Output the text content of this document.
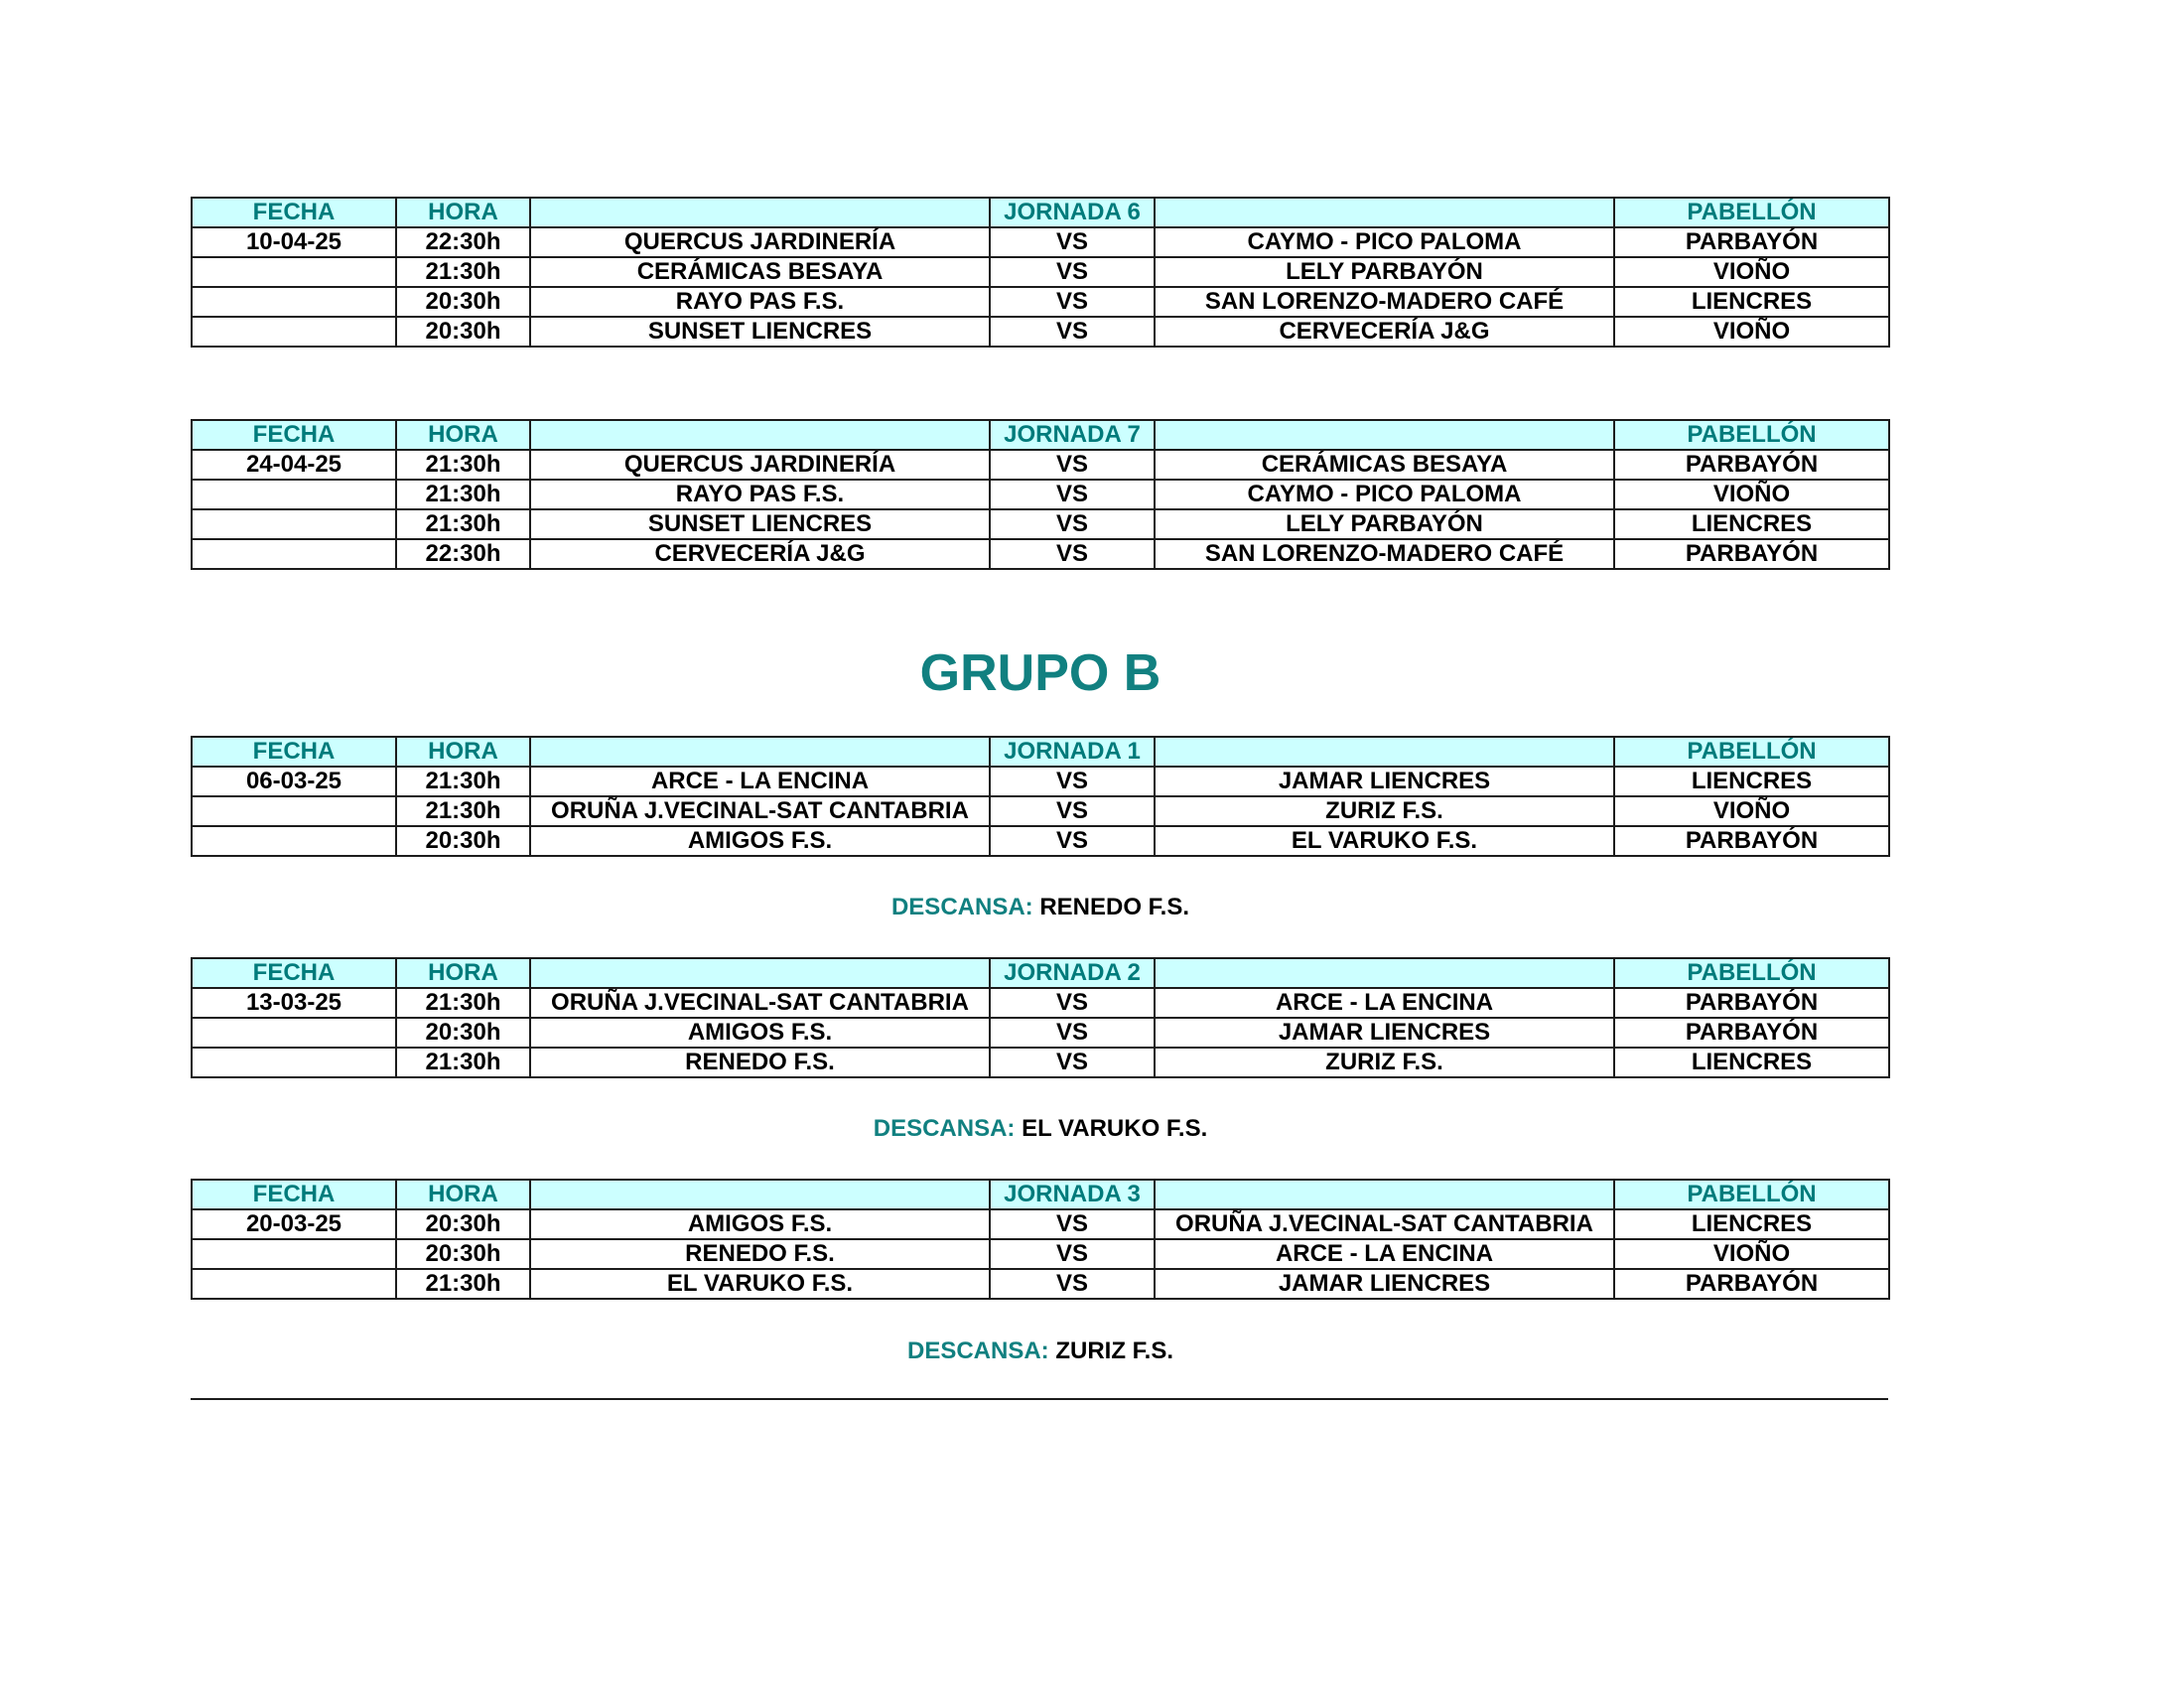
FECHA	HORA		JORNADA 6		PABELLÓN
10-04-25	22:30h	QUERCUS JARDINERÍA	VS	CAYMO - PICO PALOMA	PARBAYÓN
	21:30h	CERÁMICAS BESAYA	VS	LELY PARBAYÓN	VIOÑO
	20:30h	RAYO PAS F.S.	VS	SAN LORENZO-MADERO CAFÉ	LIENCRES
	20:30h	SUNSET LIENCRES	VS	CERVECERÍA J&G	VIOÑO
FECHA	HORA		JORNADA 7		PABELLÓN
24-04-25	21:30h	QUERCUS JARDINERÍA	VS	CERÁMICAS BESAYA	PARBAYÓN
	21:30h	RAYO PAS F.S.	VS	CAYMO - PICO PALOMA	VIOÑO
	21:30h	SUNSET LIENCRES	VS	LELY PARBAYÓN	LIENCRES
	22:30h	CERVECERÍA J&G	VS	SAN LORENZO-MADERO CAFÉ	PARBAYÓN
FECHA	HORA		JORNADA 1		PABELLÓN
06-03-25	21:30h	ARCE - LA ENCINA	VS	JAMAR LIENCRES	LIENCRES
	21:30h	ORUÑA J.VECINAL-SAT CANTABRIA	VS	ZURIZ F.S.	VIOÑO
	20:30h	AMIGOS F.S.	VS	EL VARUKO F.S.	PARBAYÓN
FECHA	HORA		JORNADA 2		PABELLÓN
13-03-25	21:30h	ORUÑA J.VECINAL-SAT CANTABRIA	VS	ARCE - LA ENCINA	PARBAYÓN
	20:30h	AMIGOS F.S.	VS	JAMAR LIENCRES	PARBAYÓN
	21:30h	RENEDO F.S.	VS	ZURIZ F.S.	LIENCRES
FECHA	HORA		JORNADA 3		PABELLÓN
20-03-25	20:30h	AMIGOS F.S.	VS	ORUÑA J.VECINAL-SAT CANTABRIA	LIENCRES
	20:30h	RENEDO F.S.	VS	ARCE - LA ENCINA	VIOÑO
	21:30h	EL VARUKO F.S.	VS	JAMAR LIENCRES	PARBAYÓN
GRUPO B
DESCANSA: RENEDO F.S.
DESCANSA: EL VARUKO F.S.
DESCANSA: ZURIZ F.S.
